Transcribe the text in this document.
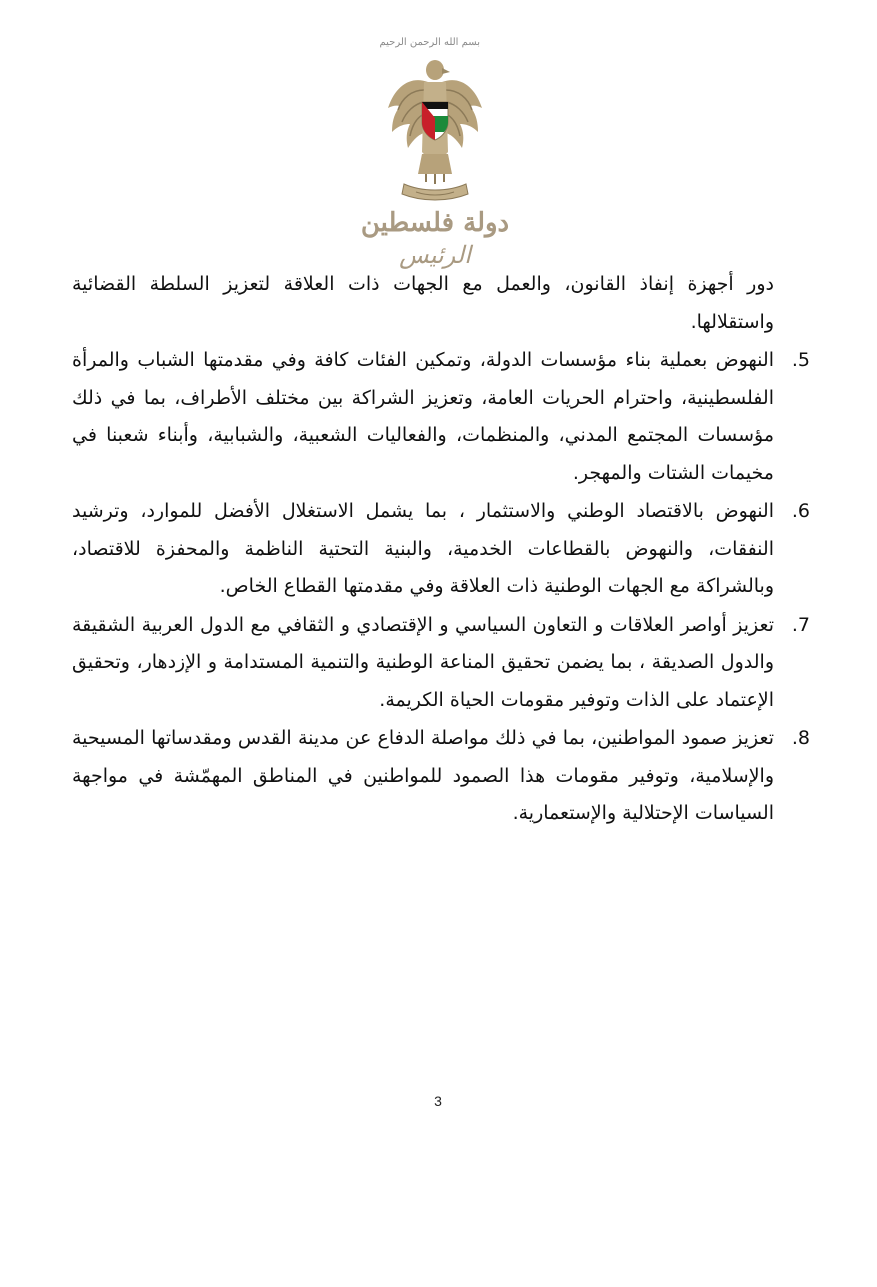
بسم الله الرحمن الرحيم
دولة فلسطين
الرئيس

دور أجهزة إنفاذ القانون، والعمل مع الجهات ذات العلاقة لتعزيز السلطة القضائية واستقلالها.

5.
النهوض بعملية بناء مؤسسات الدولة، وتمكين الفئات كافة وفي مقدمتها الشباب والمرأة الفلسطينية، واحترام الحريات العامة، وتعزيز الشراكة بين مختلف الأطراف، بما في ذلك مؤسسات المجتمع المدني، والمنظمات، والفعاليات الشعبية، والشبابية، وأبناء شعبنا في مخيمات الشتات والمهجر.
6.
النهوض بالاقتصاد الوطني والاستثمار ، بما يشمل الاستغلال الأفضل للموارد، وترشيد النفقات، والنهوض بالقطاعات الخدمية، والبنية التحتية الناظمة والمحفزة للاقتصاد، وبالشراكة مع الجهات الوطنية ذات العلاقة وفي مقدمتها القطاع الخاص.
7.
تعزيز أواصر العلاقات و التعاون السياسي و الإقتصادي و الثقافي مع الدول العربية الشقيقة والدول الصديقة ، بما يضمن تحقيق المناعة الوطنية والتنمية المستدامة و الإزدهار، وتحقيق الإعتماد على الذات وتوفير مقومات الحياة الكريمة.
8.
تعزيز صمود المواطنين، بما في ذلك مواصلة الدفاع عن مدينة القدس ومقدساتها المسيحية والإسلامية، وتوفير مقومات هذا الصمود للمواطنين في المناطق المهمّشة في مواجهة السياسات الإحتلالية والإستعمارية.
3
